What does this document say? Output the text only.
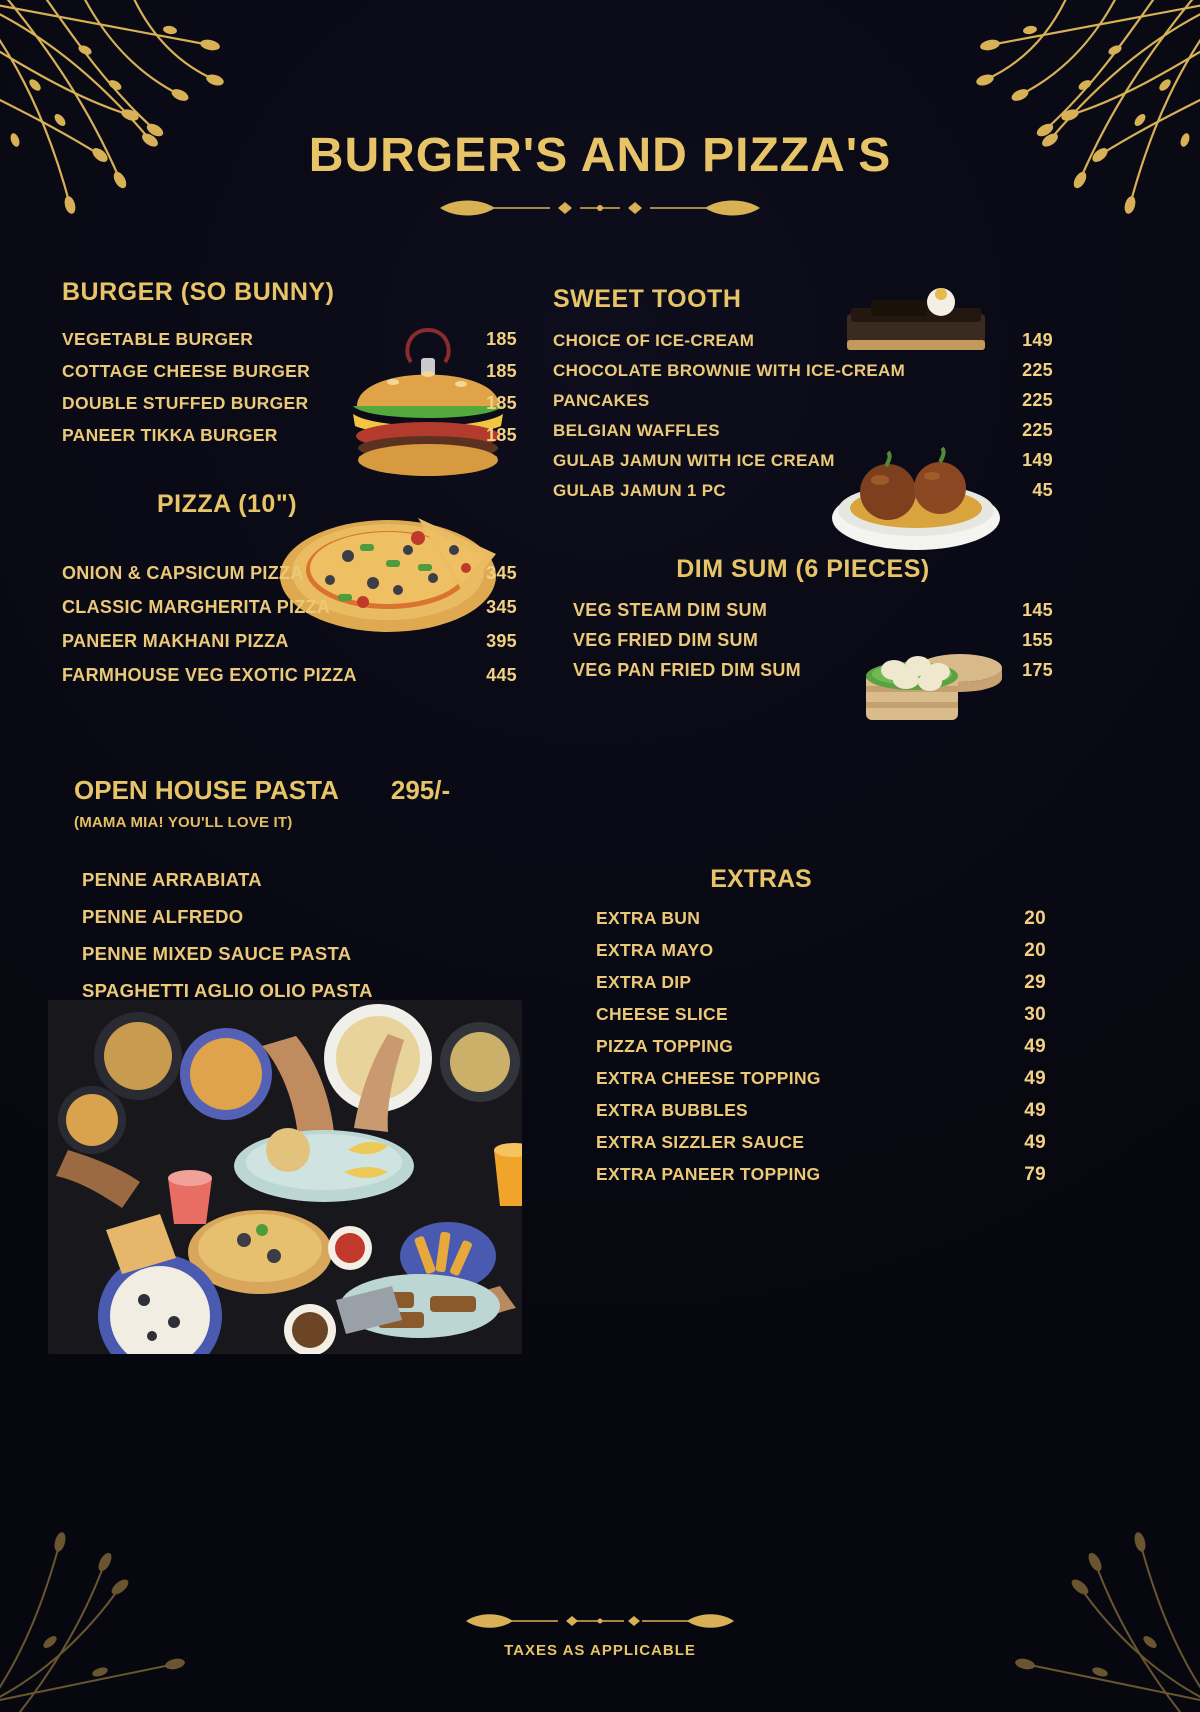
BURGER'S AND PIZZA'S
BURGER (SO BUNNY)
VEGETABLE BURGER	185
COTTAGE CHEESE BURGER	185
DOUBLE STUFFED BURGER	185
PANEER TIKKA BURGER	185
PIZZA (10")
ONION & CAPSICUM PIZZA	345
CLASSIC MARGHERITA PIZZA	345
PANEER MAKHANI PIZZA	395
FARMHOUSE VEG EXOTIC PIZZA	445
OPEN HOUSE PASTA 295/-
(MAMA MIA! YOU'LL LOVE IT)
PENNE ARRABIATA
PENNE ALFREDO
PENNE MIXED SAUCE PASTA
SPAGHETTI AGLIO OLIO PASTA
SWEET TOOTH
CHOICE OF ICE-CREAM	149
CHOCOLATE BROWNIE WITH ICE-CREAM	225
PANCAKES	225
BELGIAN WAFFLES	225
GULAB JAMUN WITH ICE CREAM	149
GULAB JAMUN 1 PC	45
DIM SUM (6 PIECES)
VEG STEAM DIM SUM	145
VEG FRIED DIM SUM	155
VEG PAN FRIED DIM SUM	175
EXTRAS
EXTRA BUN	20
EXTRA MAYO	20
EXTRA DIP	29
CHEESE SLICE	30
PIZZA TOPPING	49
EXTRA CHEESE TOPPING	49
EXTRA BUBBLES	49
EXTRA SIZZLER SAUCE	49
EXTRA PANEER TOPPING	79
TAXES AS APPLICABLE
